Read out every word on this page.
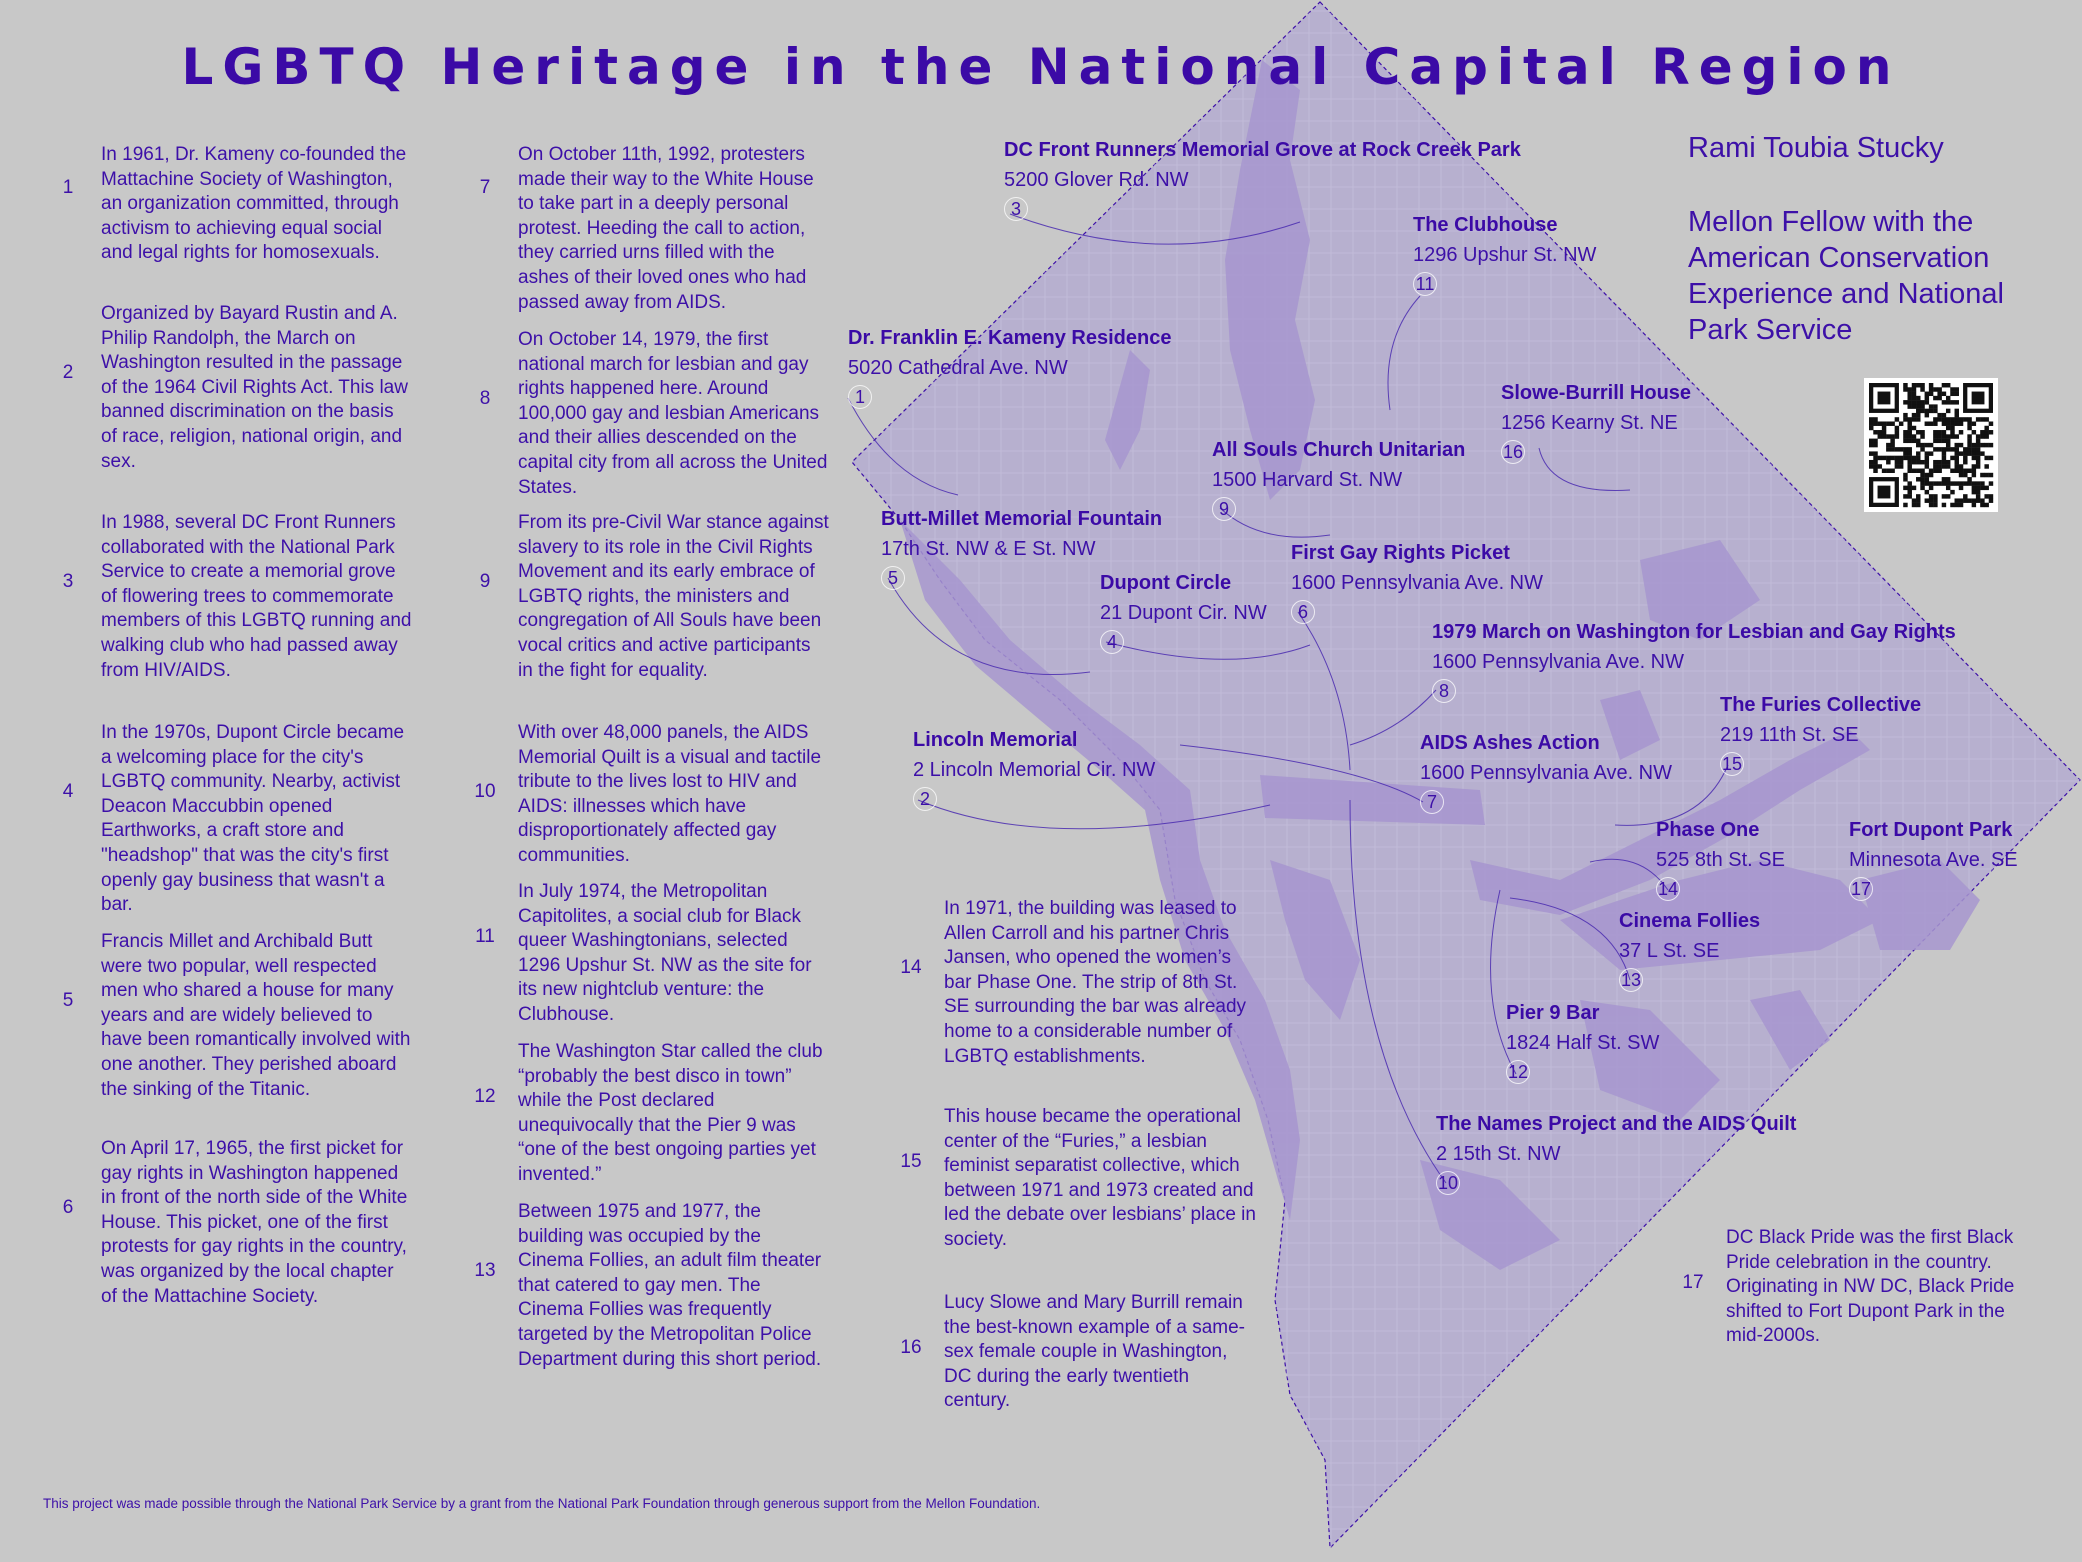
LGBTQ Heritage in the National Capital Region
1
In 1961, Dr. Kameny co-founded the Mattachine Society of Washington, an organization committed, through activism to achieving equal social and legal rights for homosexuals.
2
Organized by Bayard Rustin and A. Philip Randolph, the March on Washington resulted in the passage of the 1964 Civil Rights Act. This law banned discrimination on the basis of race, religion, national origin, and sex.
3
In 1988, several DC Front Runners collaborated with the National Park Service to create a memorial grove of flowering trees to commemorate members of this LGBTQ running and walking club who had passed away from HIV/AIDS.
4
In the 1970s, Dupont Circle became a welcoming place for the city's LGBTQ community. Nearby, activist Deacon Maccubbin opened Earthworks, a craft store and "headshop" that was the city's first openly gay business that wasn't a bar.
5
Francis Millet and Archibald Butt were two popular, well respected men who shared a house for many years and are widely believed to have been romantically involved with one another. They perished aboard the sinking of the Titanic.
6
On April 17, 1965, the first picket for gay rights in Washington happened in front of the north side of the White House. This picket, one of the first protests for gay rights in the country, was organized by the local chapter of the Mattachine Society.
7
On October 11th, 1992, protesters made their way to the White House to take part in a deeply personal protest. Heeding the call to action, they carried urns filled with the ashes of their loved ones who had passed away from AIDS.
8
On October 14, 1979, the first national march for lesbian and gay rights happened here. Around 100,000 gay and lesbian Americans and their allies descended on the capital city from all across the United States.
9
From its pre-Civil War stance against slavery to its role in the Civil Rights Movement and its early embrace of LGBTQ rights, the ministers and congregation of All Souls have been vocal critics and active participants in the fight for equality.
10
With over 48,000 panels, the AIDS Memorial Quilt is a visual and tactile tribute to the lives lost to HIV and AIDS: illnesses which have disproportionately affected gay communities.
11
In July 1974, the Metropolitan Capitolites, a social club for Black queer Washingtonians, selected 1296 Upshur St. NW as the site for its new nightclub venture: the Clubhouse.
12
The Washington Star called the club “probably the best disco in town” while the Post declared unequivocally that the Pier 9 was “one of the best ongoing parties yet invented.”
13
Between 1975 and 1977, the building was occupied by the Cinema Follies, an adult film theater that catered to gay men. The Cinema Follies was frequently targeted by the Metropolitan Police Department during this short period.
14
In 1971, the building was leased to Allen Carroll and his partner Chris Jansen, who opened the women’s bar Phase One. The strip of 8th St. SE surrounding the bar was already home to a considerable number of LGBTQ establishments.
15
This house became the operational center of the “Furies,” a lesbian feminist separatist collective, which between 1971 and 1973 created and led the debate over lesbians’ place in society.
16
Lucy Slowe and Mary Burrill remain the best-known example of a same-sex female couple in Washington, DC during the early twentieth century.
17
DC Black Pride was the first Black Pride celebration in the country. Originating in NW DC, Black Pride shifted to Fort Dupont Park in the mid-2000s.
DC Front Runners Memorial Grove at Rock Creek Park
5200 Glover Rd. NW
3
The Clubhouse
1296 Upshur St. NW
11
Dr. Franklin E. Kameny Residence
5020 Cathedral Ave. NW
1	Slowe-Burrill House
1256 Kearny St. NE
16
All Souls Church Unitarian
1500 Harvard St. NW
9
Butt-Millet Memorial Fountain
17th St. NW & E St. NW
5
First Gay Rights Picket
1600 Pennsylvania Ave. NW
6
Dupont Circle
21 Dupont Cir. NW
4	1979 March on Washington for Lesbian and Gay Rights
1600 Pennsylvania Ave. NW
8
The Furies Collective
219 11th St. SE
15
Lincoln Memorial
2 Lincoln Memorial Cir. NW
2
AIDS Ashes Action
1600 Pennsylvania Ave. NW
7
Phase One
525 8th St. SE
14
Fort Dupont Park
Minnesota Ave. SE
17
Cinema Follies
37 L St. SE
13
Pier 9 Bar
1824 Half St. SW
12
The Names Project and the AIDS Quilt
2 15th St. NW
10

Rami Toubia Stucky

Mellon Fellow with the American Conservation Experience and National Park Service

This project was made possible through the National Park Service by a grant from the National Park Foundation through generous support from the Mellon Foundation.
